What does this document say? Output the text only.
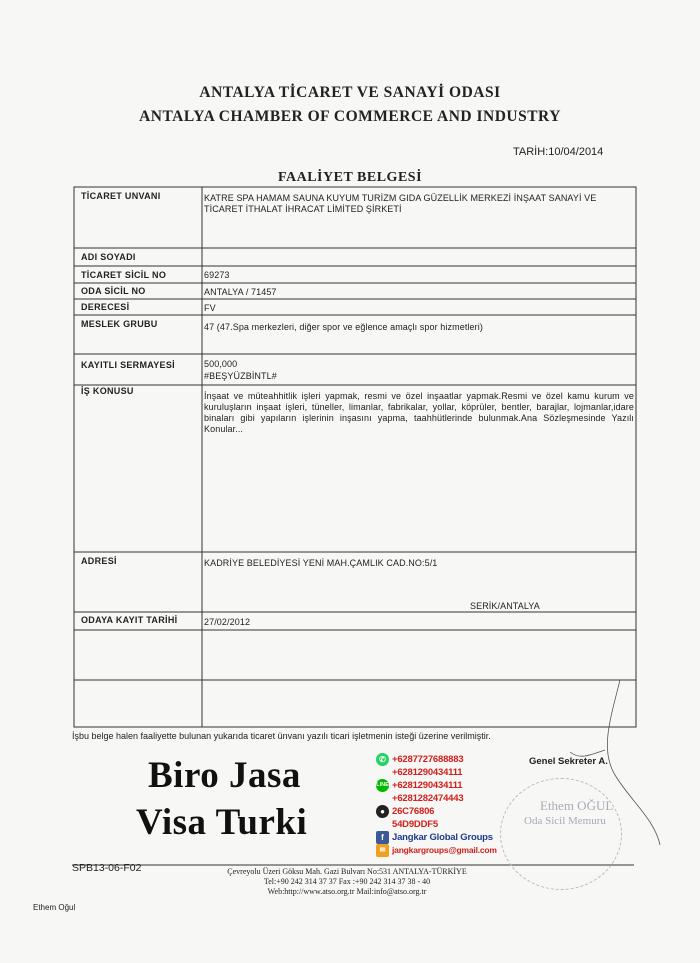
ANTALYA TİCARET VE SANAYİ ODASI
ANTALYA CHAMBER OF COMMERCE AND INDUSTRY
TARİH:10/04/2014
FAALİYET BELGESİ
TİCARET UNVANI	KATRE SPA HAMAM SAUNA KUYUM TURİZM GIDA GÜZELLİK MERKEZİ İNŞAAT SANAYİ VE TİCARET İTHALAT İHRACAT LİMİTED ŞİRKETİ
ADI SOYADI
TİCARET SİCİL NO	69273
ODA SİCİL NO	ANTALYA / 71457
DERECESİ	FV
MESLEK GRUBU	47 (47.Spa merkezleri, diğer spor ve eğlence amaçlı spor hizmetleri)
KAYITLI SERMAYESİ	500,000
#BEŞYÜZBİNTL#
İŞ KONUSU	İnşaat ve müteahhitlik işleri yapmak, resmi ve özel inşaatlar yapmak.Resmi ve özel kamu kurum ve kuruluşların inşaat işleri, tüneller, limanlar, fabrikalar, yollar, köprüler, bentler, barajlar, lojmanlar,idare binaları gibi yapıların işlerinin inşasını yapma, taahhütlerinde bulunmak.Ana Sözleşmesinde Yazılı Konular...
ADRESİ	KADRİYE BELEDİYESİ YENİ MAH.ÇAMLIK CAD.NO:5/1
SERİK/ANTALYA
ODAYA KAYIT TARİHİ	27/02/2012
İşbu belge halen faaliyette bulunan yukarıda ticaret ünvanı yazılı ticari işletmenin isteği üzerine verilmiştir.
Genel Sekreter A.
Ethem OĞUL
Oda Sicil Memuru
Biro Jasa
Visa Turki
✆ +6287727688883
+6281290434111
LINE +6281290434111
+6281282474443
● 26C76806
54D9DDF5
f Jangkar Global Groups
✉ jangkargroups@gmail.com
SPB13-06-F02	Çevreyolu Üzeri Göksu Mah. Gazi Bulvarı No:531 ANTALYA-TÜRKİYE
Tel:+90 242 314 37 37 Fax :+90 242 314 37 38 - 40
Web:http://www.atso.org.tr Mail:info@atso.org.tr
Ethem Oğul
